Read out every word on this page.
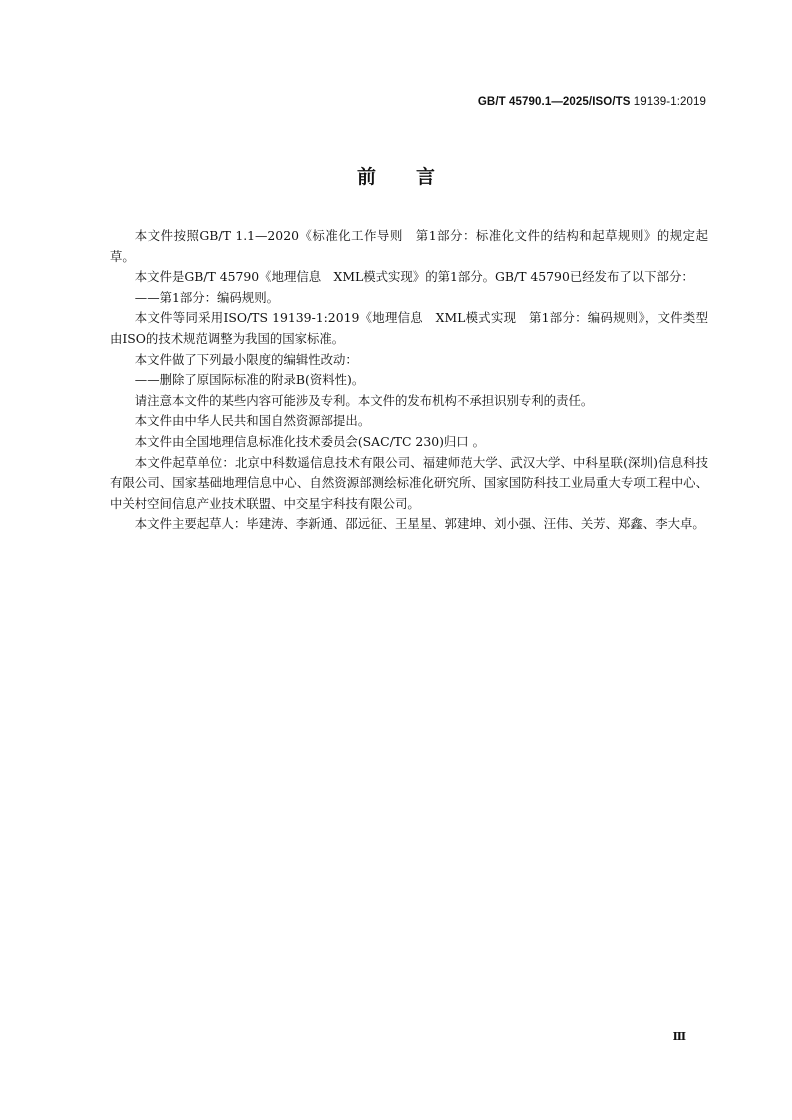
GB/T 45790.1—2025/ISO/TS 19139-1:2019
前言

本文件按照GB/T 1.1—2020《标准化工作导则　第1部分：标准化文件的结构和起草规则》的规定起草。

本文件是GB/T 45790《地理信息　XML模式实现》的第1部分。GB/T 45790已经发布了以下部分：

——第1部分：编码规则。

本文件等同采用ISO/TS 19139-1:2019《地理信息　XML模式实现　第1部分：编码规则》，文件类型由ISO的技术规范调整为我国的国家标准。

本文件做了下列最小限度的编辑性改动：

——删除了原国际标准的附录B(资料性)。

请注意本文件的某些内容可能涉及专利。本文件的发布机构不承担识别专利的责任。

本文件由中华人民共和国自然资源部提出。

本文件由全国地理信息标准化技术委员会(SAC/TC 230)归口 。

本文件起草单位：北京中科数遥信息技术有限公司、福建师范大学、武汉大学、中科星联(深圳)信息科技有限公司、国家基础地理信息中心、自然资源部测绘标准化研究所、国家国防科技工业局重大专项工程中心、中关村空间信息产业技术联盟、中交星宇科技有限公司。

本文件主要起草人：毕建涛、李新通、邵远征、王星星、郭建坤、刘小强、汪伟、关芳、郑鑫、李大卓。

Ⅲ
